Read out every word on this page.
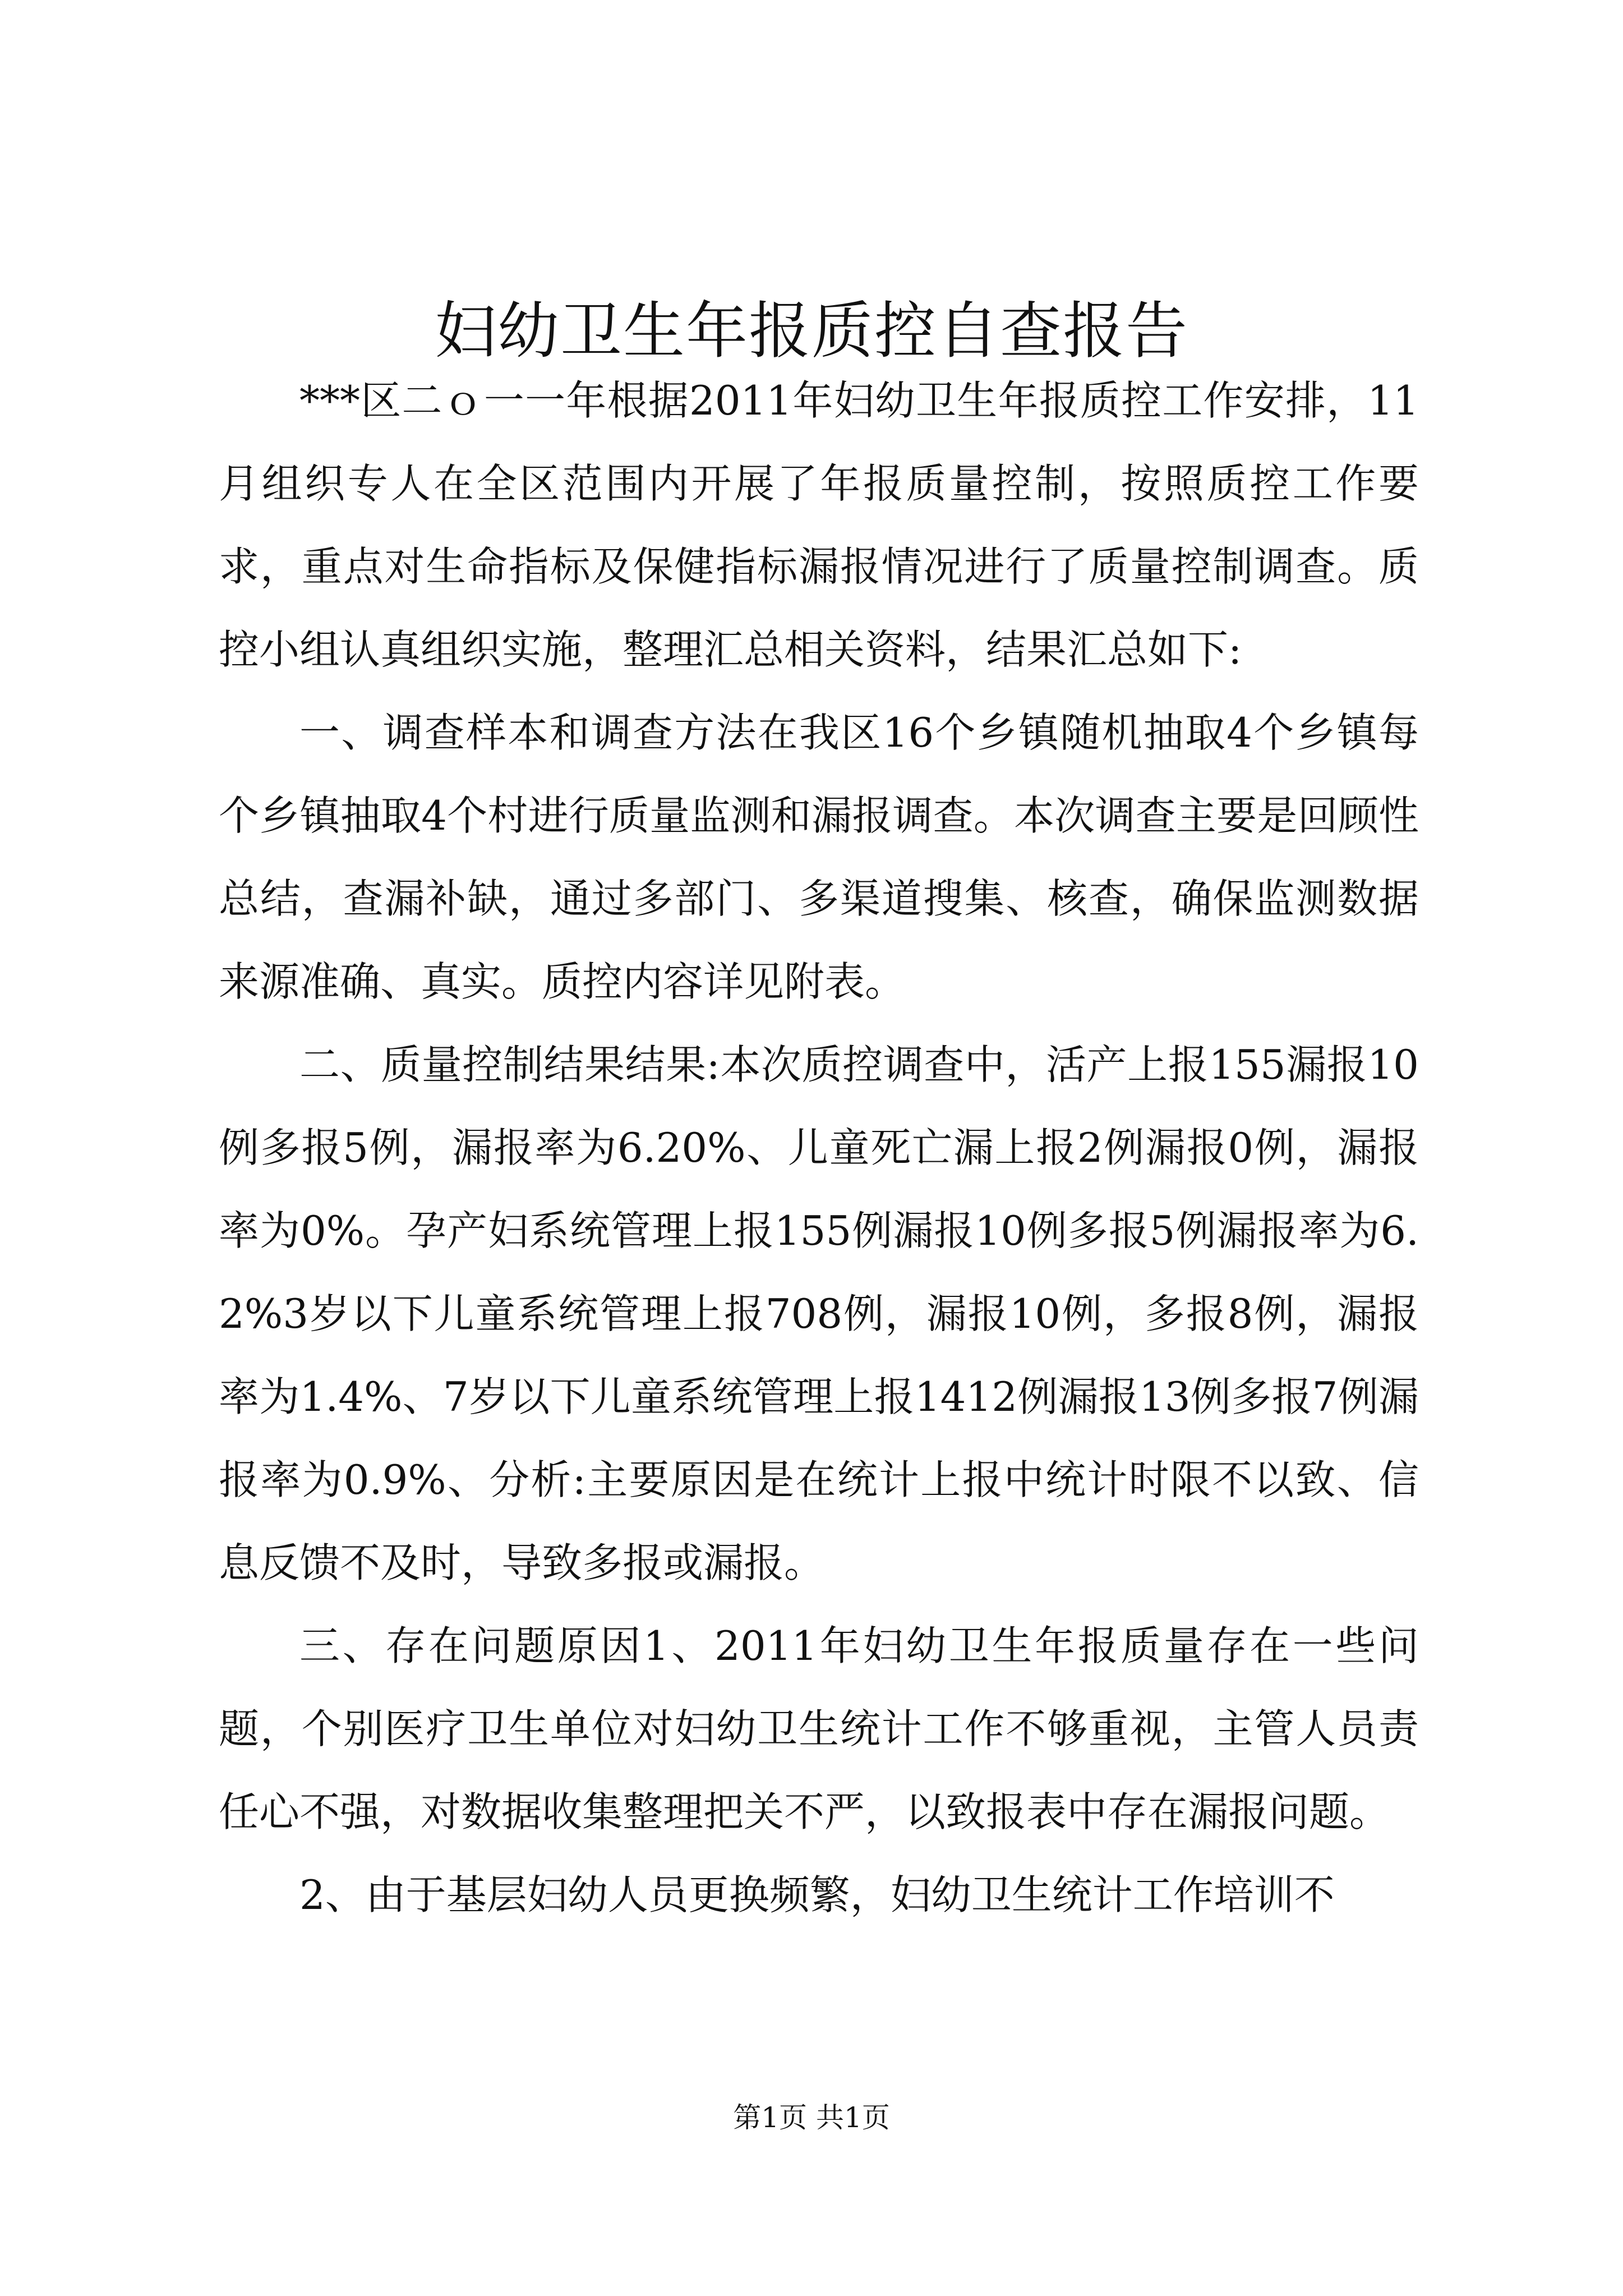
妇幼卫生年报质控自查报告

***区二ｏ一一年根据2011年妇幼卫生年报质控工作安排，11月组织专人在全区范围内开展了年报质量控制，按照质控工作要求，重点对生命指标及保健指标漏报情况进行了质量控制调查。质控小组认真组织实施，整理汇总相关资料，结果汇总如下:

一、调查样本和调查方法在我区16个乡镇随机抽取4个乡镇每个乡镇抽取4个村进行质量监测和漏报调查。本次调查主要是回顾性总结，查漏补缺，通过多部门、多渠道搜集、核查，确保监测数据来源准确、真实。质控内容详见附表。

二、质量控制结果结果:本次质控调查中，活产上报155漏报10例多报5例，漏报率为6.20%、儿童死亡漏上报2例漏报0例，漏报率为0%。孕产妇系统管理上报155例漏报10例多报5例漏报率为6.2%3岁以下儿童系统管理上报708例，漏报10例，多报8例，漏报率为1.4%、7岁以下儿童系统管理上报1412例漏报13例多报7例漏报率为0.9%、分析:主要原因是在统计上报中统计时限不以致、信息反馈不及时，导致多报或漏报。

三、存在问题原因1、2011年妇幼卫生年报质量存在一些问题，个别医疗卫生单位对妇幼卫生统计工作不够重视，主管人员责任心不强，对数据收集整理把关不严，以致报表中存在漏报问题。

2、由于基层妇幼人员更换频繁，妇幼卫生统计工作培训不

第1页 共1页
